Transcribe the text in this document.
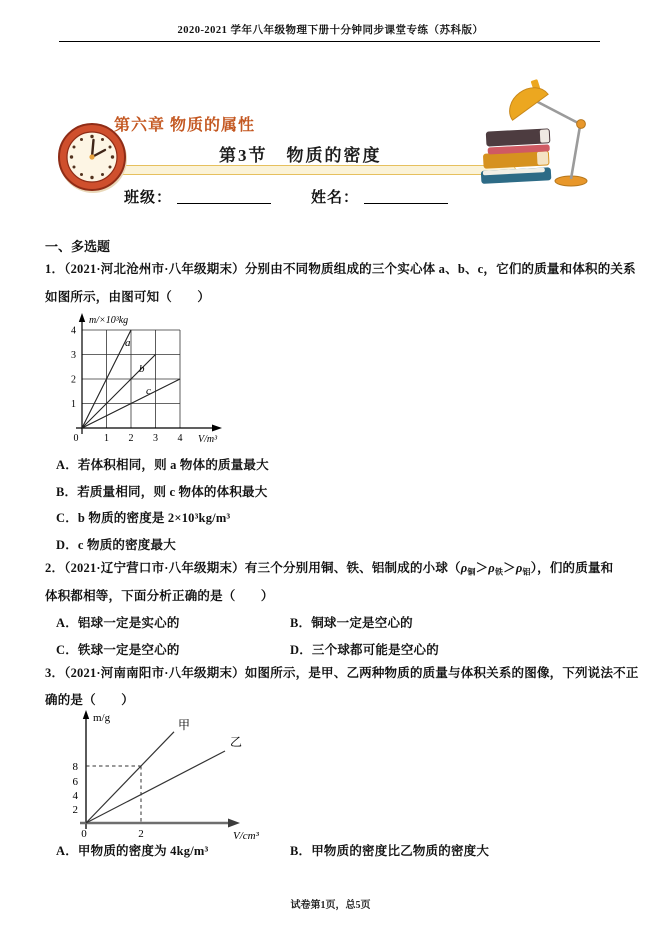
2020-2021 学年八年级物理下册十分钟同步课堂专练（苏科版）
第六章 物质的属性
第3节　物质的密度
班级：	姓名：
一、多选题
1．（2021·河北沧州市·八年级期末）分别由不同物质组成的三个实心体 a、b、c，它们的质量和体积的关系
如图所示，由图可知（　　）
a
b
c
0	1 2 3 4
1
2
3
4
m/×10³kg
V/m³
A．若体积相同，则 a 物体的质量最大
B．若质量相同，则 c 物体的体积最大
C．b 物质的密度是 2×10³kg/m³
D．c 物质的密度最大
2．（2021·辽宁营口市·八年级期末）有三个分别用铜、铁、铝制成的小球$(\rho_铜>\rho_铁>\rho_铝)$，们的质量和
体积都相等，下面分析正确的是（　　）
A．铝球一定是实心的	B．铜球一定是空心的
C．铁球一定是空心的	D．三个球都可能是空心的
3．（2021·河南南阳市·八年级期末）如图所示，是甲、乙两种物质的质量与体积关系的图像，下列说法不正
确的是（　　）
甲
乙
8
6
4
2
0	2
m/g
V/cm³
A．甲物质的密度为 4kg/m³	B．甲物质的密度比乙物质的密度大
试卷第1页，总5页
